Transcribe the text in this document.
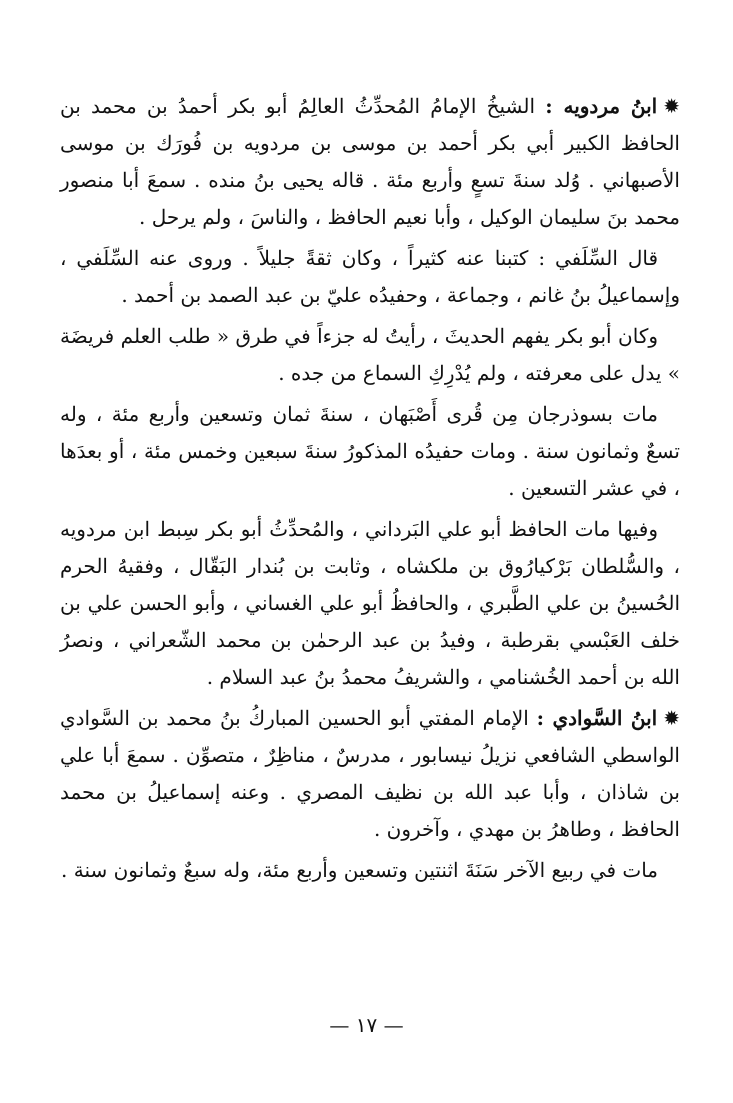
✹ابنُ مردويه : الشيخُ الإمامُ المُحدِّثُ العالِمُ أبو بكر أحمدُ بن محمد بن الحافظ الكبير أبي بكر أحمد بن موسى بن مردويه بن فُورَك بن موسى الأصبهاني . وُلد سنةَ تسعٍ وأربع مئة . قاله يحيى بنُ منده . سمعَ أبا منصور محمد بنَ سليمان الوكيل ، وأبا نعيم الحافظ ، والناسَ ، ولم يرحل .

قال السِّلَفي : كتبنا عنه كثيراً ، وكان ثقةً جليلاً . وروى عنه السِّلَفي ، وإسماعيلُ بنُ غانم ، وجماعة ، وحفيدُه عليّ بن عبد الصمد بن أحمد .

وكان أبو بكر يفهم الحديثَ ، رأيتُ له جزءاً في طرق « طلب العلم فريضَة » يدل على معرفته ، ولم يُدْرِكِ السماع من جده .

مات بسوذرجان مِن قُرى أَصْبَهان ، سنةَ ثمان وتسعين وأربع مئة ، وله تسعٌ وثمانون سنة . ومات حفيدُه المذكورُ سنةَ سبعين وخمس مئة ، أو بعدَها ، في عشر التسعين .

وفيها مات الحافظ أبو علي البَرداني ، والمُحدِّثُ أبو بكر سِبط ابن مردويه ، والسُّلطان بَرْكيارُوق بن ملكشاه ، وثابت بن بُندار البَقّال ، وفقيهُ الحرم الحُسينُ بن علي الطَّبري ، والحافظُ أبو علي الغساني ، وأبو الحسن علي بن خلف العَبْسي بقرطبة ، وفيدُ بن عبد الرحمٰن بن محمد الشّعراني ، ونصرُ الله بن أحمد الخُشنامي ، والشريفُ محمدُ بنُ عبد السلام .

✹ابنُ السَّوادي : الإمام المفتي أبو الحسين المباركُ بنُ محمد بن السَّوادي الواسطي الشافعي نزيلُ نيسابور ، مدرسٌ ، مناظِرٌ ، متصوِّن . سمعَ أبا علي بن شاذان ، وأبا عبد الله بن نظيف المصري . وعنه إسماعيلُ بن محمد الحافظ ، وطاهرُ بن مهدي ، وآخرون .

مات في ربيع الآخر سَنَةَ اثنتين وتسعين وأربع مئة، وله سبعٌ وثمانون سنة .

— ١٧ —
